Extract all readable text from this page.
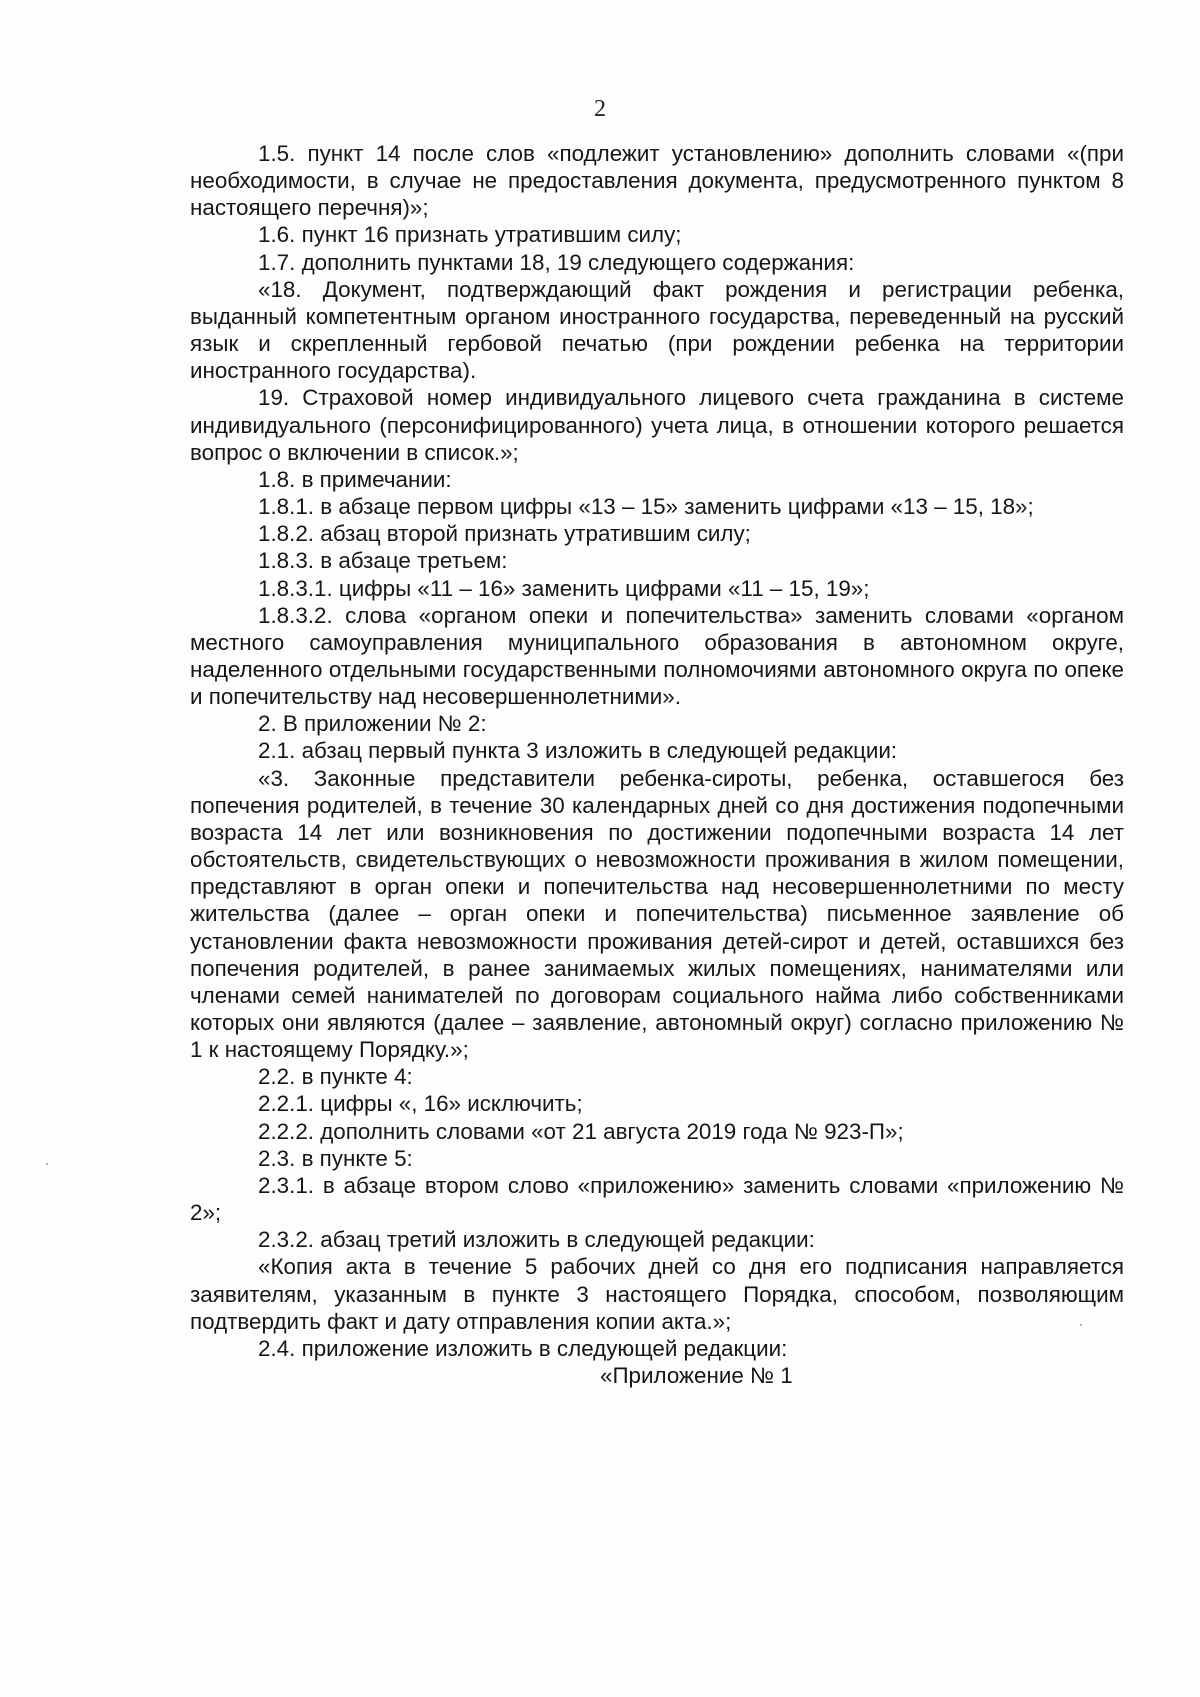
2

1.5. пункт 14 после слов «подлежит установлению» дополнить словами «(при необходимости, в случае не предоставления документа, предусмотренного пунктом 8 настоящего перечня)»;

1.6. пункт 16 признать утратившим силу;

1.7. дополнить пунктами 18, 19 следующего содержания:

«18. Документ, подтверждающий факт рождения и регистрации ребенка, выданный компетентным органом иностранного государства, переведенный на русский язык и скрепленный гербовой печатью (при рождении ребенка на территории иностранного государства).

19. Страховой номер индивидуального лицевого счета гражданина в системе индивидуального (персонифицированного) учета лица, в отношении которого решается вопрос о включении в список.»;

1.8. в примечании:

1.8.1. в абзаце первом цифры «13 – 15» заменить цифрами «13 – 15, 18»;

1.8.2. абзац второй признать утратившим силу;

1.8.3. в абзаце третьем:

1.8.3.1. цифры «11 – 16» заменить цифрами «11 – 15, 19»;

1.8.3.2. слова «органом опеки и попечительства» заменить словами «органом местного самоуправления муниципального образования в автономном округе, наделенного отдельными государственными полномочиями автономного округа по опеке и попечительству над несовершеннолетними».

2. В приложении № 2:

2.1. абзац первый пункта 3 изложить в следующей редакции:

«3. Законные представители ребенка-сироты, ребенка, оставшегося без попечения родителей, в течение 30 календарных дней со дня достижения подопечными возраста 14 лет или возникновения по достижении подопечными возраста 14 лет обстоятельств, свидетельствующих о невозможности проживания в жилом помещении, представляют в орган опеки и попечительства над несовершеннолетними по месту жительства (далее – орган опеки и попечительства) письменное заявление об установлении факта невозможности проживания детей-сирот и детей, оставшихся без попечения родителей, в ранее занимаемых жилых помещениях, нанимателями или членами семей нанимателей по договорам социального найма либо собственниками которых они являются (далее – заявление, автономный округ) согласно приложению № 1 к настоящему Порядку.»;

2.2. в пункте 4:

2.2.1. цифры «, 16» исключить;

2.2.2. дополнить словами «от 21 августа 2019 года № 923-П»;

2.3. в пункте 5:

2.3.1. в абзаце втором слово «приложению» заменить словами «приложению № 2»;

2.3.2. абзац третий изложить в следующей редакции:

«Копия акта в течение 5 рабочих дней со дня его подписания направляется заявителям, указанным в пункте 3 настоящего Порядка, способом, позволяющим подтвердить факт и дату отправления копии акта.»;

2.4. приложение изложить в следующей редакции:

«Приложение № 1
